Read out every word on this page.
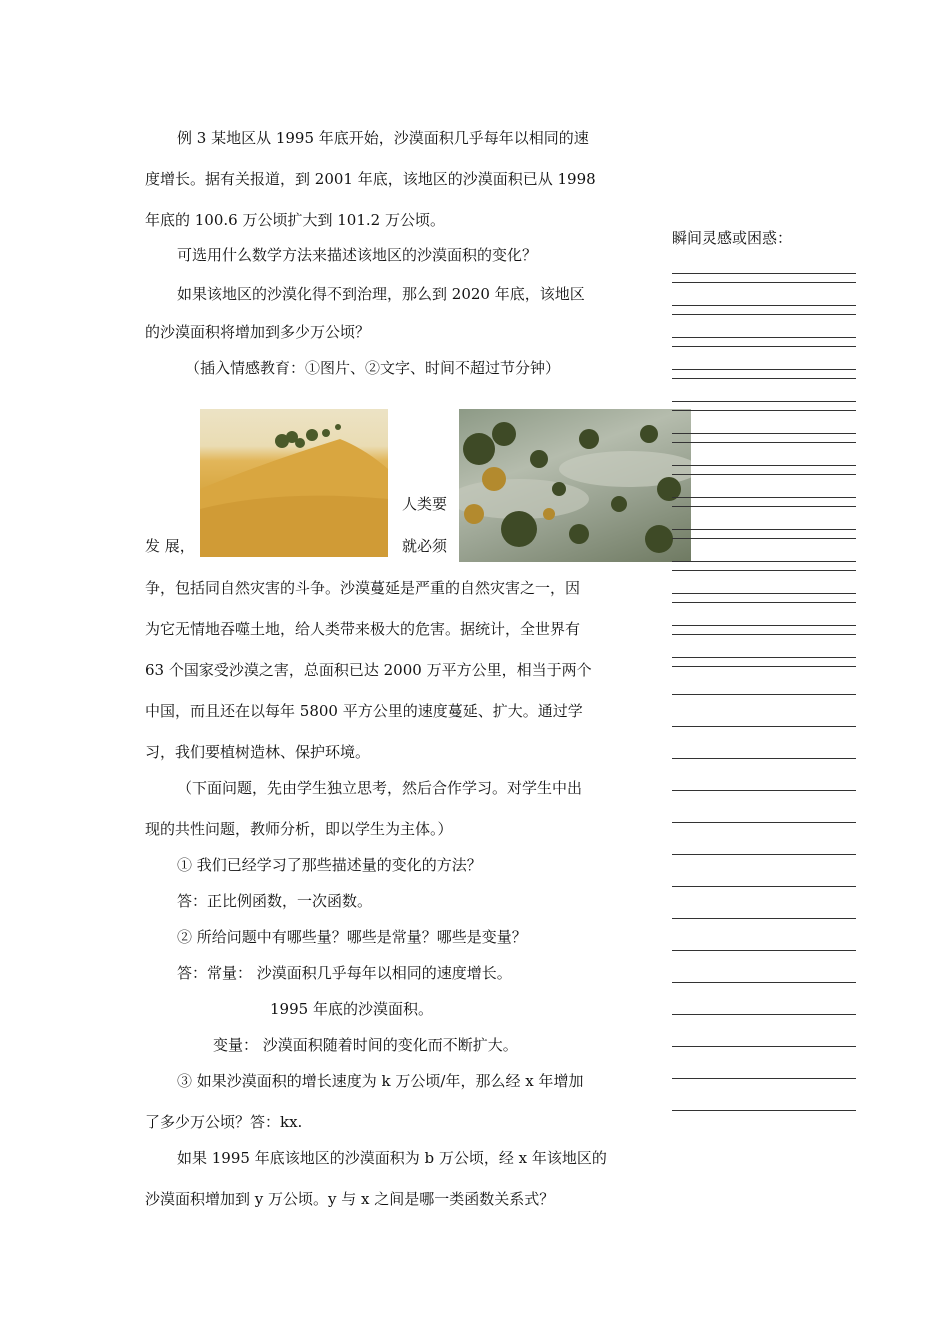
例 3 某地区从 1995 年底开始，沙漠面积几乎每年以相同的速
度增长。据有关报道，到 2001 年底，该地区的沙漠面积已从 1998
年底的 100.6 万公顷扩大到 101.2 万公顷。
可选用什么数学方法来描述该地区的沙漠面积的变化？
如果该地区的沙漠化得不到治理，那么到 2020 年底，该地区
的沙漠面积将增加到多少万公顷？
（插入情感教育：①图片、②文字、时间不超过节分钟）
人类要
发 展，	就必须
争，包括同自然灾害的斗争。沙漠蔓延是严重的自然灾害之一，因
为它无情地吞噬土地，给人类带来极大的危害。据统计，全世界有
63 个国家受沙漠之害，总面积已达 2000 万平方公里，相当于两个
中国，而且还在以每年 5800 平方公里的速度蔓延、扩大。通过学
习，我们要植树造林、保护环境。
（下面问题，先由学生独立思考，然后合作学习。对学生中出
现的共性问题，教师分析，即以学生为主体。）
① 我们已经学习了那些描述量的变化的方法？
答：正比例函数，一次函数。
② 所给问题中有哪些量？哪些是常量？哪些是变量？
答：常量： 沙漠面积几乎每年以相同的速度增长。
1995 年底的沙漠面积。
变量： 沙漠面积随着时间的变化而不断扩大。
③ 如果沙漠面积的增长速度为 k 万公顷/年，那么经 x 年增加
了多少万公顷？答：kx.
如果 1995 年底该地区的沙漠面积为 b 万公顷，经 x 年该地区的
沙漠面积增加到 y 万公顷。y 与 x 之间是哪一类函数关系式？
瞬间灵感或困惑：
